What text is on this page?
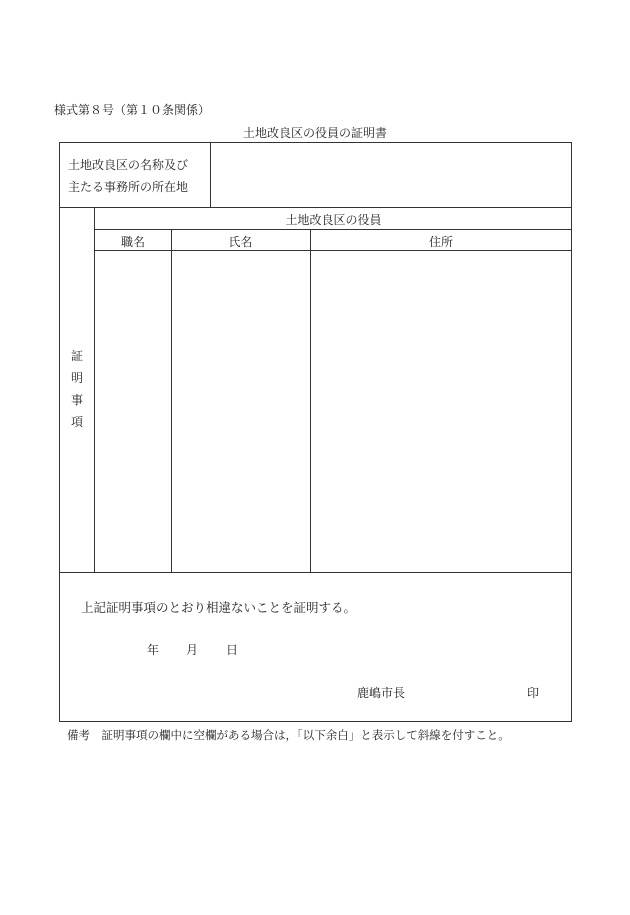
様式第８号（第１０条関係）
土地改良区の役員の証明書
土地改良区の名称及び
主たる事務所の所在地
証
明
事
項
土地改良区の役員
職名	氏名	住所
上記証明事項のとおり相違ないことを証明する。
年 月 日
鹿嶋市長	印
備考　証明事項の欄中に空欄がある場合は，「以下余白」と表示して斜線を付すこと。
